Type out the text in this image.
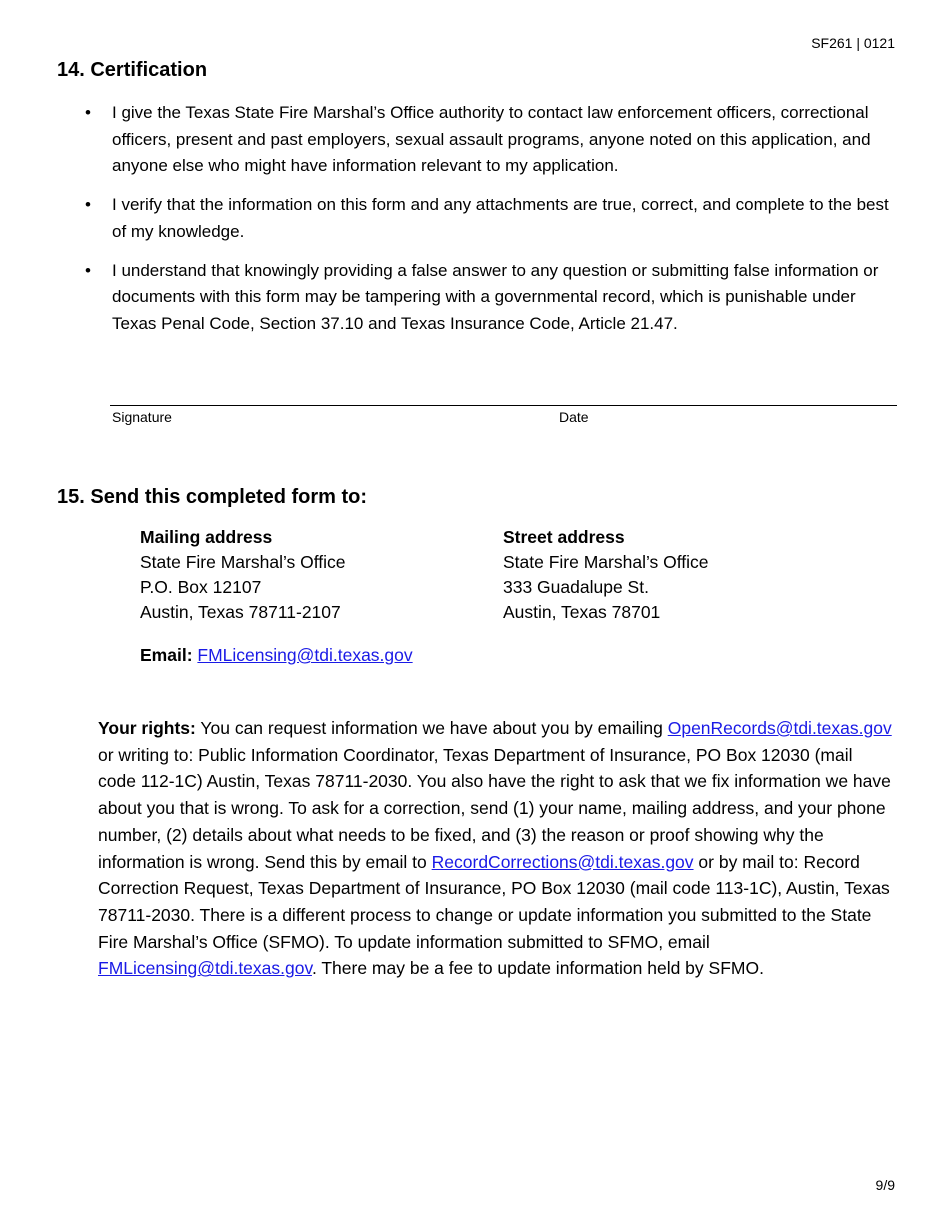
SF261 | 0121
14. Certification
• I give the Texas State Fire Marshal’s Office authority to contact law enforcement officers, correctional officers, present and past employers, sexual assault programs, anyone noted on this application, and anyone else who might have information relevant to my application.
• I verify that the information on this form and any attachments are true, correct, and complete to the best of my knowledge.
• I understand that knowingly providing a false answer to any question or submitting false information or documents with this form may be tampering with a governmental record, which is punishable under Texas Penal Code, Section 37.10 and Texas Insurance Code, Article 21.47.
Signature	Date
15. Send this completed form to:
Mailing address
State Fire Marshal’s Office
P.O. Box 12107
Austin, Texas 78711-2107
Street address
State Fire Marshal’s Office
333 Guadalupe St.
Austin, Texas 78701
Email: FMLicensing@tdi.texas.gov

Your rights: You can request information we have about you by emailing OpenRecords@tdi.texas.gov or writing to: Public Information Coordinator, Texas Department of Insurance, PO Box 12030 (mail code 112-1C) Austin, Texas 78711-2030. You also have the right to ask that we fix information we have about you that is wrong. To ask for a correction, send (1) your name, mailing address, and your phone number, (2) details about what needs to be fixed, and (3) the reason or proof showing why the information is wrong. Send this by email to RecordCorrections@tdi.texas.gov or by mail to: Record Correction Request, Texas Department of Insurance, PO Box 12030 (mail code 113-1C), Austin, Texas 78711-2030. There is a different process to change or update information you submitted to the State Fire Marshal’s Office (SFMO). To update information submitted to SFMO, email FMLicensing@tdi.texas.gov. There may be a fee to update information held by SFMO.

9/9
